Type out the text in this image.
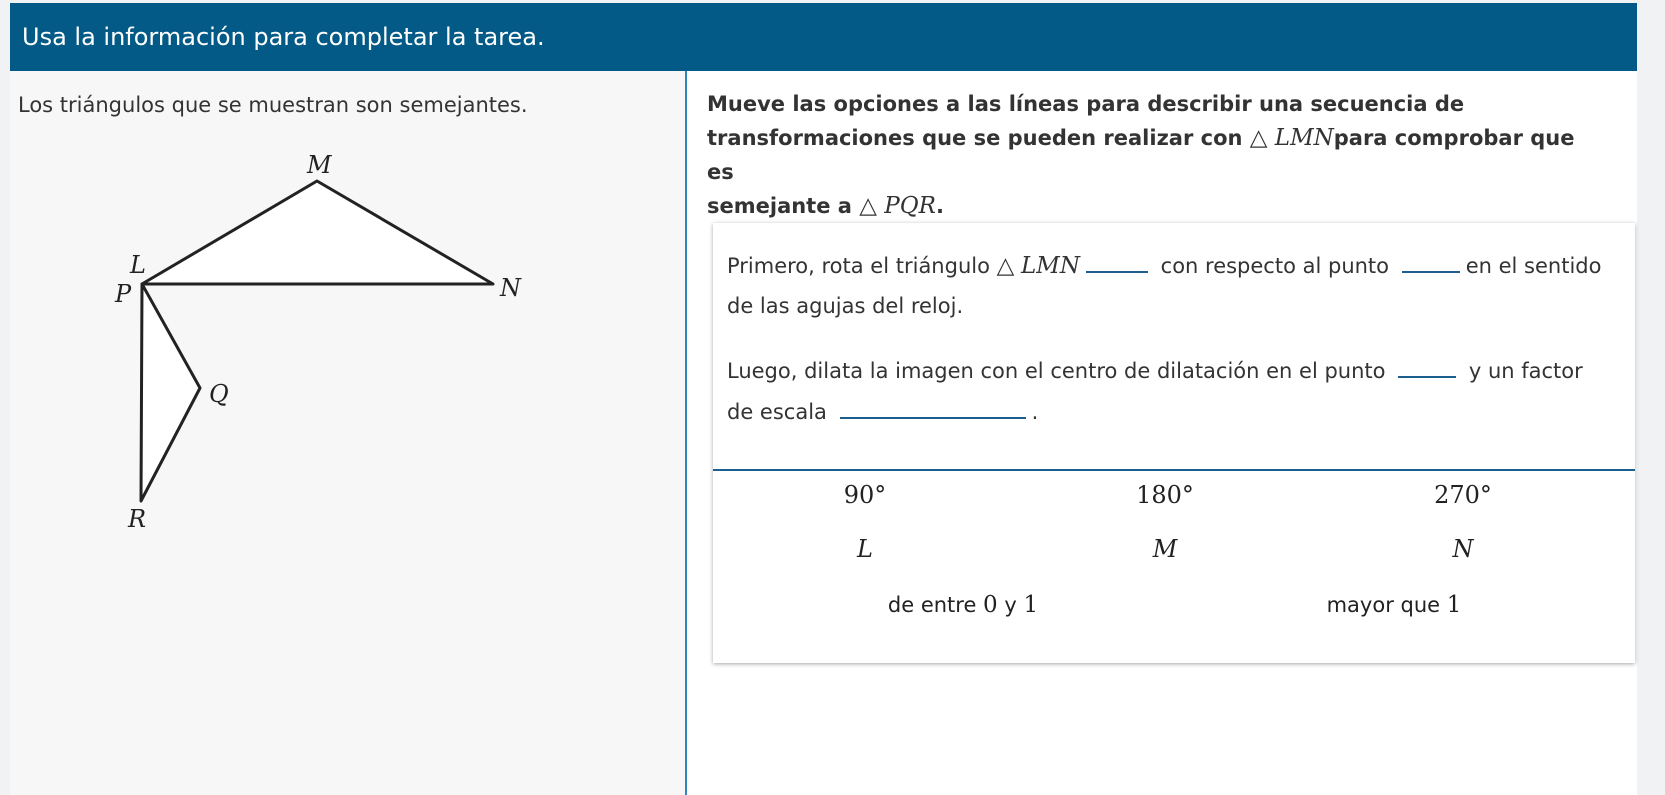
Usa la información para completar la tarea.
Los triángulos que se muestran son semejantes.
M
L
P	N
Q
R
Mueve las opciones a las líneas para describir una secuencia de
transformaciones que se pueden realizar con △ LMNpara comprobar que es
semejante a △ PQR.

Primero, rota el triángulo △ LMN	con respecto al punto	en el sentido de las agujas del reloj.

Luego, dilata la imagen con el centro de dilatación en el punto	y un factor de escala	.

90°	180°	270°
L	M	N
de entre 0 y 1	mayor que 1
